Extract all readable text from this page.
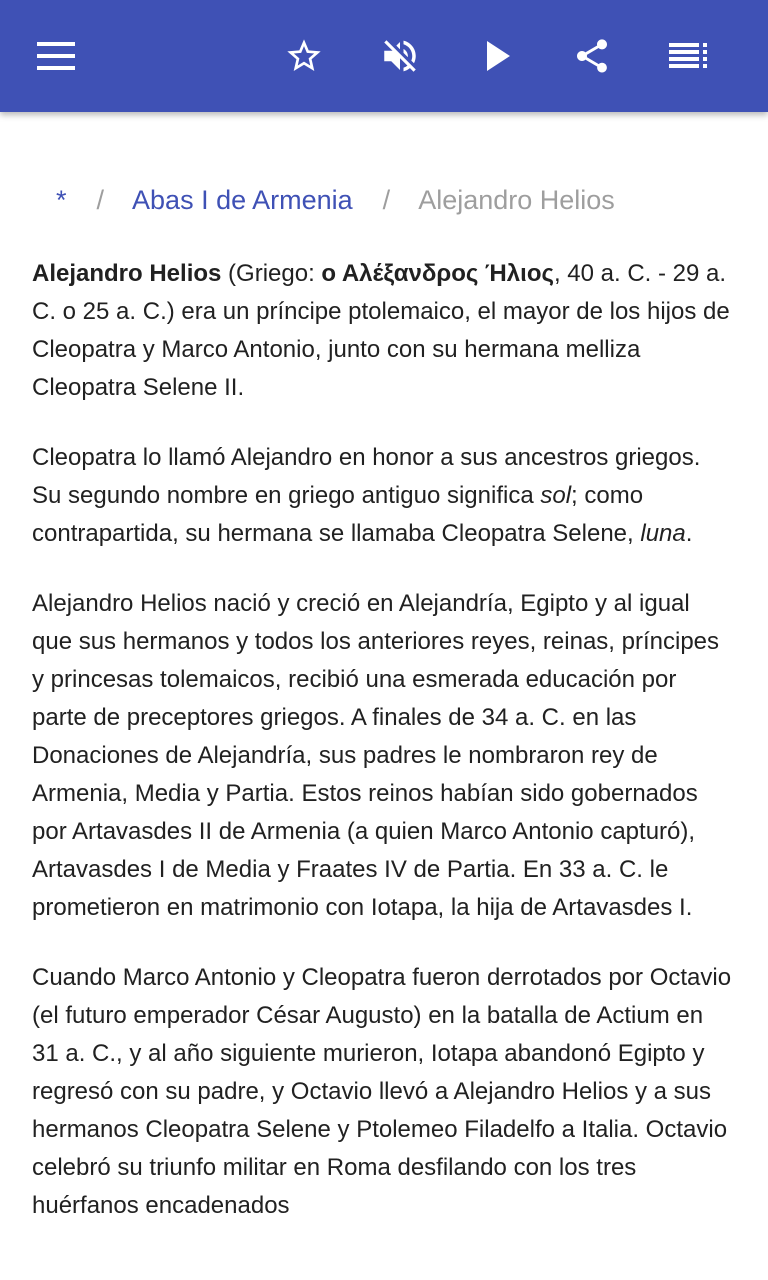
* / Abas I de Armenia / Alejandro Helios

Alejandro Helios (Griego: ο Αλέξανδρος Ήλιος, 40 a. C. - 29 a. C. o 25 a. C.) era un príncipe ptolemaico, el mayor de los hijos de Cleopatra y Marco Antonio, junto con su hermana melliza Cleopatra Selene II.

Cleopatra lo llamó Alejandro en honor a sus ancestros griegos. Su segundo nombre en griego antiguo significa sol; como contrapartida, su hermana se llamaba Cleopatra Selene, luna.

Alejandro Helios nació y creció en Alejandría, Egipto y al igual que sus hermanos y todos los anteriores reyes, reinas, príncipes y princesas tolemaicos, recibió una esmerada educación por parte de preceptores griegos. A finales de 34 a. C. en las Donaciones de Alejandría, sus padres le nombraron rey de Armenia, Media y Partia. Estos reinos habían sido gobernados por Artavasdes II de Armenia (a quien Marco Antonio capturó), Artavasdes I de Media y Fraates IV de Partia. En 33 a. C. le prometieron en matrimonio con Iotapa, la hija de Artavasdes I.

Cuando Marco Antonio y Cleopatra fueron derrotados por Octavio (el futuro emperador César Augusto) en la batalla de Actium en 31 a. C., y al año siguiente murieron, Iotapa abandonó Egipto y regresó con su padre, y Octavio llevó a Alejandro Helios y a sus hermanos Cleopatra Selene y Ptolemeo Filadelfo a Italia. Octavio celebró su triunfo militar en Roma desfilando con los tres huérfanos encadenados
